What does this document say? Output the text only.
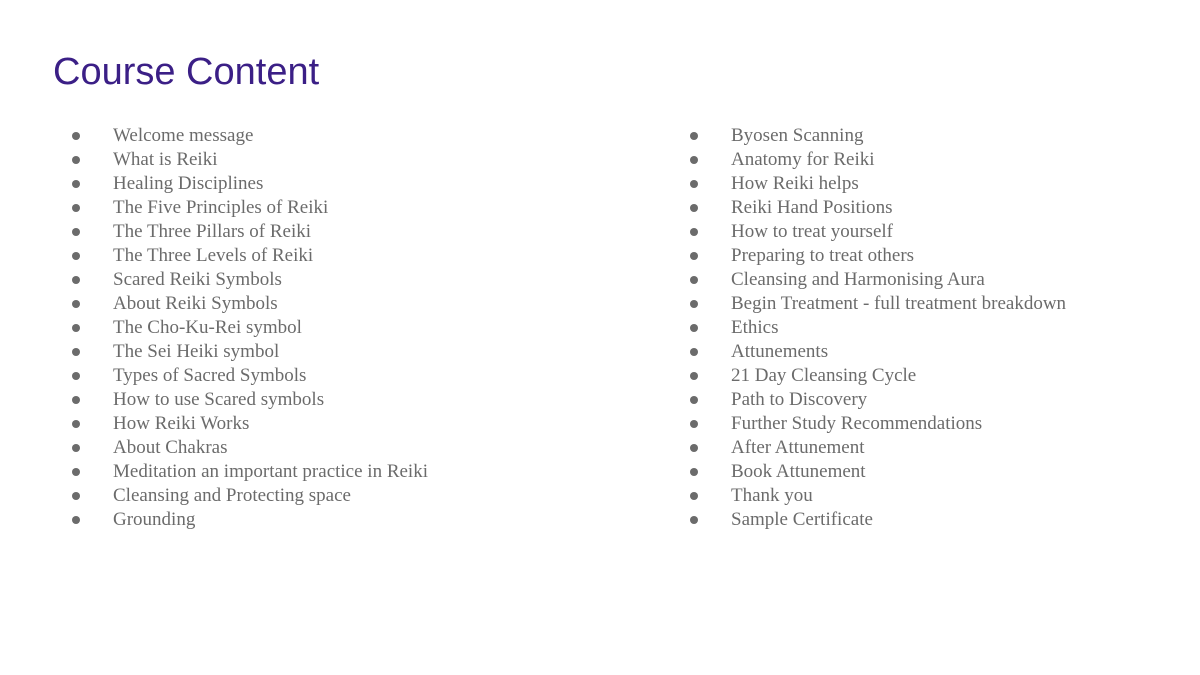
Course Content
Welcome message
What is Reiki
Healing Disciplines
The Five Principles of Reiki
The Three Pillars of Reiki
The Three Levels of Reiki
Scared Reiki Symbols
About Reiki Symbols
The Cho-Ku-Rei symbol
The Sei Heiki symbol
Types of Sacred Symbols
How to use Scared symbols
How Reiki Works
About Chakras
Meditation an important practice in Reiki
Cleansing and Protecting space
Grounding
Byosen Scanning
Anatomy for Reiki
How Reiki helps
Reiki Hand Positions
How to treat yourself
Preparing to treat others
Cleansing and Harmonising Aura
Begin Treatment - full treatment breakdown
Ethics
Attunements
21 Day Cleansing Cycle
Path to Discovery
Further Study Recommendations
After Attunement
Book Attunement
Thank you
Sample Certificate
